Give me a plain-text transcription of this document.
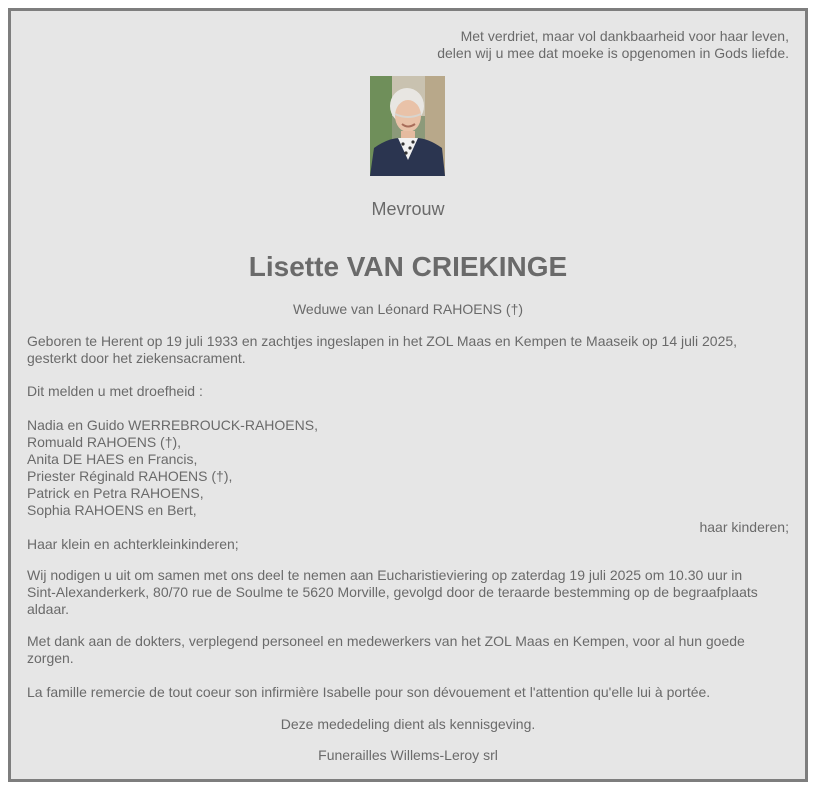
Met verdriet, maar vol dankbaarheid voor haar leven,
delen wij u mee dat moeke is opgenomen in Gods liefde.
Mevrouw
Lisette VAN CRIEKINGE
Weduwe van Léonard RAHOENS (†)
Geboren te Herent op 19 juli 1933 en zachtjes ingeslapen in het ZOL Maas en Kempen te Maaseik op 14 juli 2025,
gesterkt door het ziekensacrament.
Dit melden u met droefheid :
Nadia en Guido WERREBROUCK-RAHOENS,
Romuald RAHOENS (†),
Anita DE HAES en Francis,
Priester Réginald RAHOENS (†),
Patrick en Petra RAHOENS,
Sophia RAHOENS en Bert,
haar kinderen;
Haar klein en achterkleinkinderen;
Wij nodigen u uit om samen met ons deel te nemen aan Eucharistieviering op zaterdag 19 juli 2025 om 10.30 uur in
Sint-Alexanderkerk, 80/70 rue de Soulme te 5620 Morville, gevolgd door de teraarde bestemming op de begraafplaats
aldaar.
Met dank aan de dokters, verplegend personeel en medewerkers van het ZOL Maas en Kempen, voor al hun goede
zorgen.
La famille remercie de tout coeur son infirmière Isabelle pour son dévouement et l'attention qu'elle lui à portée.
Deze mededeling dient als kennisgeving.
Funerailles Willems-Leroy srl
